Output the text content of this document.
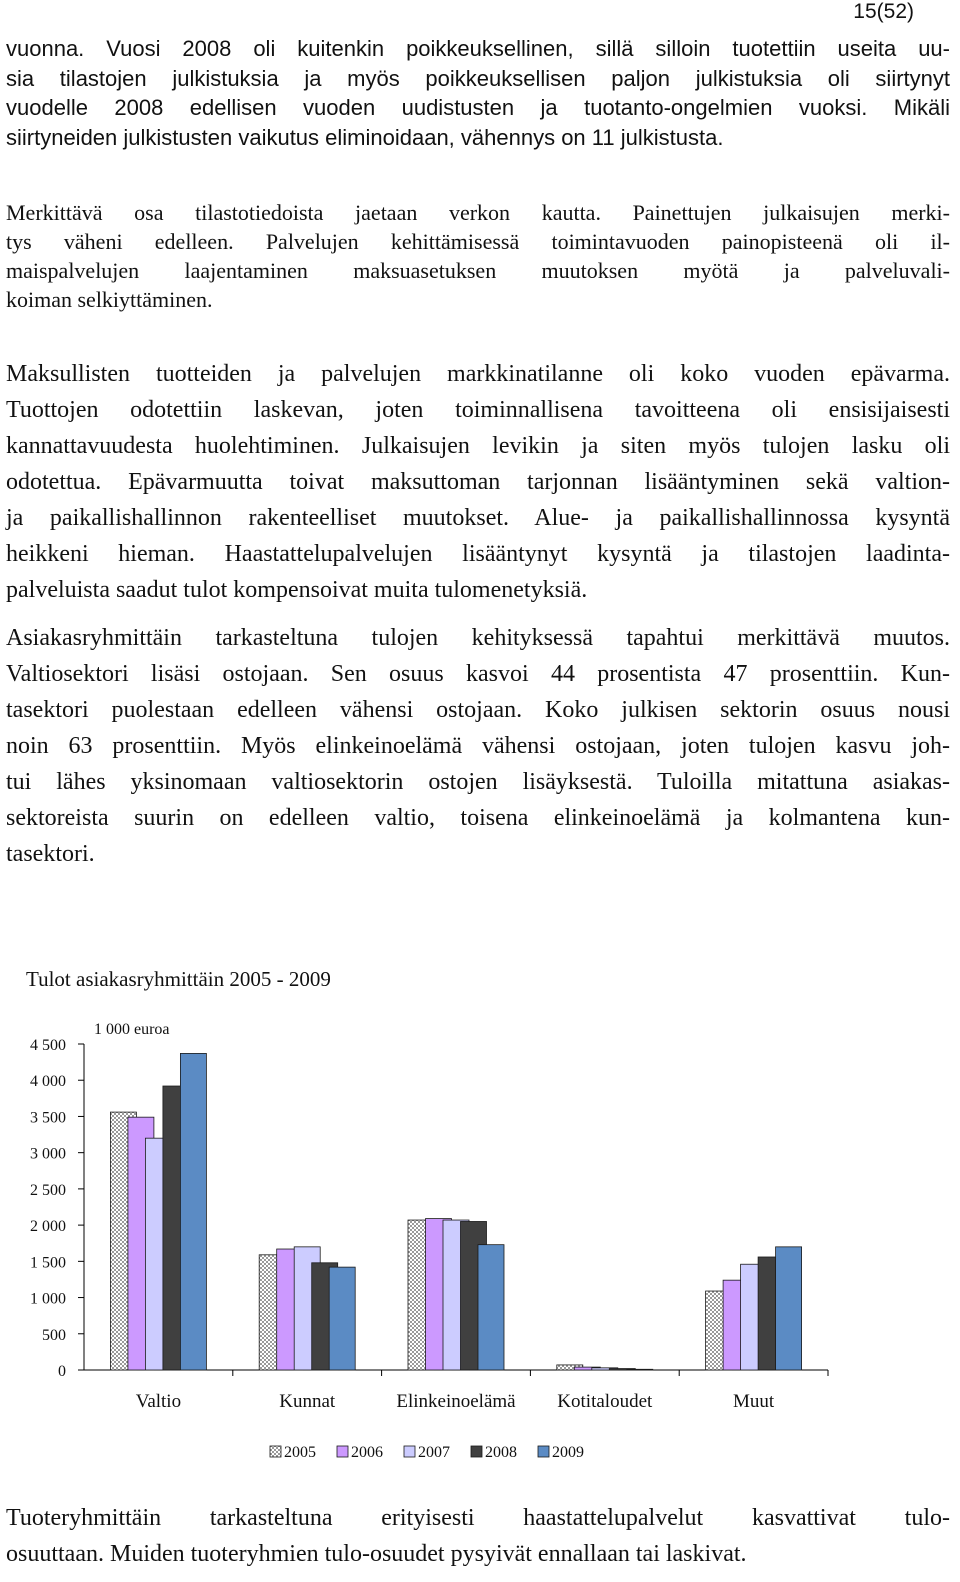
15(52)
vuonna. Vuosi 2008 oli kuitenkin poikkeuksellinen, sillä silloin tuotettiin useita uu-
sia tilastojen julkistuksia ja myös poikkeuksellisen paljon julkistuksia oli siirtynyt
vuodelle 2008 edellisen vuoden uudistusten ja tuotanto-ongelmien vuoksi. Mikäli
siirtyneiden julkistusten vaikutus eliminoidaan, vähennys on 11 julkistusta.
Merkittävä osa tilastotiedoista jaetaan verkon kautta. Painettujen julkaisujen merki-
tys väheni edelleen. Palvelujen kehittämisessä toimintavuoden painopisteenä oli il-
maispalvelujen laajentaminen maksuasetuksen muutoksen myötä ja palveluvali-
koiman selkiyttäminen.
Maksullisten tuotteiden ja palvelujen markkinatilanne oli koko vuoden epävarma.
Tuottojen odotettiin laskevan, joten toiminnallisena tavoitteena oli ensisijaisesti
kannattavuudesta huolehtiminen. Julkaisujen levikin ja siten myös tulojen lasku oli
odotettua. Epävarmuutta toivat maksuttoman tarjonnan lisääntyminen sekä valtion-
ja paikallishallinnon rakenteelliset muutokset. Alue- ja paikallishallinnossa kysyntä
heikkeni hieman. Haastattelupalvelujen lisääntynyt kysyntä ja tilastojen laadinta-
palveluista saadut tulot kompensoivat muita tulomenetyksiä.
Asiakasryhmittäin tarkasteltuna tulojen kehityksessä tapahtui merkittävä muutos.
Valtiosektori lisäsi ostojaan. Sen osuus kasvoi 44 prosentista 47 prosenttiin. Kun-
tasektori puolestaan edelleen vähensi ostojaan. Koko julkisen sektorin osuus nousi
noin 63 prosenttiin. Myös elinkeinoelämä vähensi ostojaan, joten tulojen kasvu joh-
tui lähes yksinomaan valtiosektorin ostojen lisäyksestä. Tuloilla mitattuna asiakas-
sektoreista suurin on edelleen valtio, toisena elinkeinoelämä ja kolmantena kun-
tasektori.
Tulot asiakasryhmittäin 2005 - 2009
1 000 euroa
0
500
1 000
1 500
2 000
2 500
3 000
3 500
4 000
4 500
Valtio	Kunnat	Elinkeinoelämä Kotitaloudet	Muut
2005 2006 2007 2008 2009
Tuoteryhmittäin tarkasteltuna erityisesti haastattelupalvelut kasvattivat tulo-
osuuttaan. Muiden tuoteryhmien tulo-osuudet pysyivät ennallaan tai laskivat.
